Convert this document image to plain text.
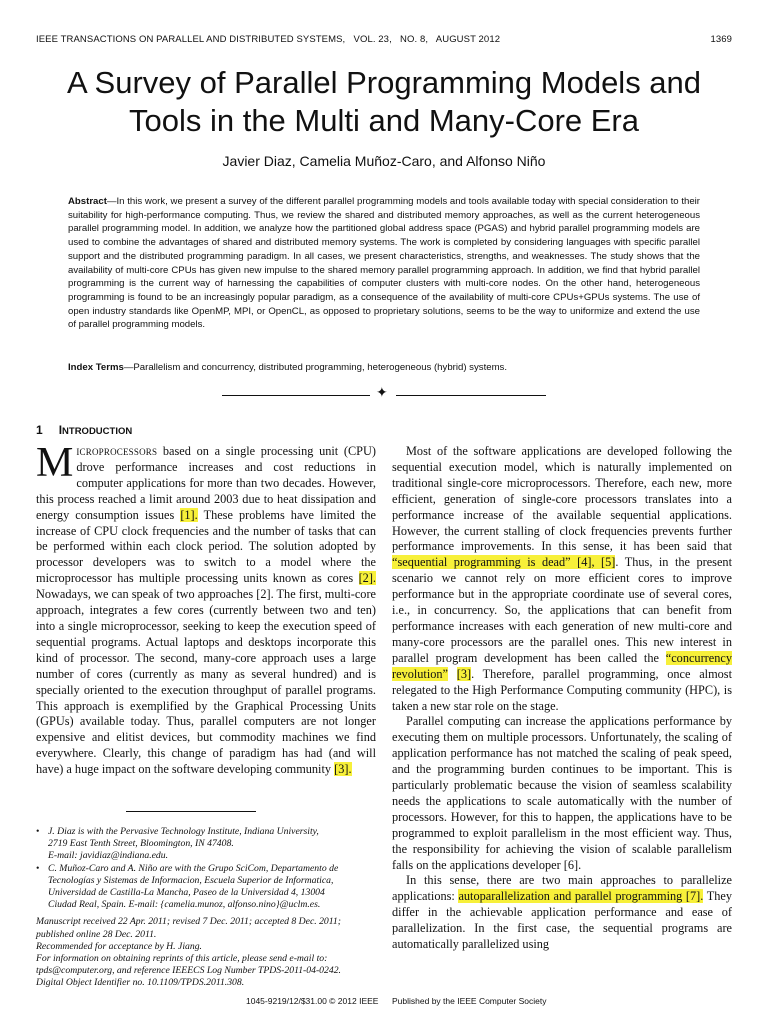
IEEE TRANSACTIONS ON PARALLEL AND DISTRIBUTED SYSTEMS, VOL. 23, NO. 8, AUGUST 2012	1369
A Survey of Parallel Programming Models and Tools in the Multi and Many-Core Era
Javier Diaz, Camelia Muñoz-Caro, and Alfonso Niño
Abstract—In this work, we present a survey of the different parallel programming models and tools available today with special consideration to their suitability for high-performance computing. Thus, we review the shared and distributed memory approaches, as well as the current heterogeneous parallel programming model. In addition, we analyze how the partitioned global address space (PGAS) and hybrid parallel programming models are used to combine the advantages of shared and distributed memory systems. The work is completed by considering languages with specific parallel support and the distributed programming paradigm. In all cases, we present characteristics, strengths, and weaknesses. The study shows that the availability of multi-core CPUs has given new impulse to the shared memory parallel programming approach. In addition, we find that hybrid parallel programming is the current way of harnessing the capabilities of computer clusters with multi-core nodes. On the other hand, heterogeneous programming is found to be an increasingly popular paradigm, as a consequence of the availability of multi-core CPUs+GPUs systems. The use of open industry standards like OpenMP, MPI, or OpenCL, as opposed to proprietary solutions, seems to be the way to uniformize and extend the use of parallel programming models.
Index Terms—Parallelism and concurrency, distributed programming, heterogeneous (hybrid) systems.
✦
1 INTRODUCTION

Microprocessors based on a single processing unit (CPU) drove performance increases and cost reductions in computer applications for more than two decades. However, this process reached a limit around 2003 due to heat dissipation and energy consumption issues [1]. These problems have limited the increase of CPU clock frequencies and the number of tasks that can be performed within each clock period. The solution adopted by processor developers was to switch to a model where the microprocessor has multiple processing units known as cores [2]. Nowadays, we can speak of two approaches [2]. The first, multi-core approach, integrates a few cores (currently between two and ten) into a single microprocessor, seeking to keep the execution speed of sequential programs. Actual laptops and desktops incorporate this kind of processor. The second, many-core approach uses a large number of cores (currently as many as several hundred) and is specially oriented to the execution throughput of parallel programs. This approach is exemplified by the Graphical Processing Units (GPUs) available today. Thus, parallel computers are not longer expensive and elitist devices, but commodity machines we find everywhere. Clearly, this change of paradigm has had (and will have) a huge impact on the software developing community [3].

• J. Diaz is with the Pervasive Technology Institute, Indiana University,
2719 East Tenth Street, Bloomington, IN 47408.
E-mail: javidiaz@indiana.edu.
• C. Muñoz-Caro and A. Niño are with the Grupo SciCom, Departamento de
Tecnologías y Sistemas de Informacion, Escuela Superior de Informatica,
Universidad de Castilla-La Mancha, Paseo de la Universidad 4, 13004
Ciudad Real, Spain. E-mail: {camelia.munoz, alfonso.nino}@uclm.es.
Manuscript received 22 Apr. 2011; revised 7 Dec. 2011; accepted 8 Dec. 2011; published online 28 Dec. 2011.
Recommended for acceptance by H. Jiang.
For information on obtaining reprints of this article, please send e-mail to: tpds@computer.org, and reference IEEECS Log Number TPDS-2011-04-0242.
Digital Object Identifier no. 10.1109/TPDS.2011.308.

Most of the software applications are developed following the sequential execution model, which is naturally implemented on traditional single-core microprocessors. Therefore, each new, more efficient, generation of single-core processors translates into a performance increase of the available sequential applications. However, the current stalling of clock frequencies prevents further performance improvements. In this sense, it has been said that “sequential programming is dead” [4], [5]. Thus, in the present scenario we cannot rely on more efficient cores to improve performance but in the appropriate coordinate use of several cores, i.e., in concurrency. So, the applications that can benefit from performance increases with each generation of new multi-core and many-core processors are the parallel ones. This new interest in parallel program development has been called the “concurrency revolution” [3]. Therefore, parallel programming, once almost relegated to the High Performance Computing community (HPC), is taken a new star role on the stage.

Parallel computing can increase the applications performance by executing them on multiple processors. Unfortunately, the scaling of application performance has not matched the scaling of peak speed, and the programming burden continues to be important. This is particularly problematic because the vision of seamless scalability needs the applications to scale automatically with the number of processors. However, for this to happen, the applications have to be programmed to exploit parallelism in the most efficient way. Thus, the responsibility for achieving the vision of scalable parallelism falls on the applications developer [6].

In this sense, there are two main approaches to parallelize applications: autoparallelization and parallel programming [7]. They differ in the achievable application performance and ease of parallelization. In the first case, the sequential programs are automatically parallelized using

1045-9219/12/$31.00 © 2012 IEEE Published by the IEEE Computer Society
